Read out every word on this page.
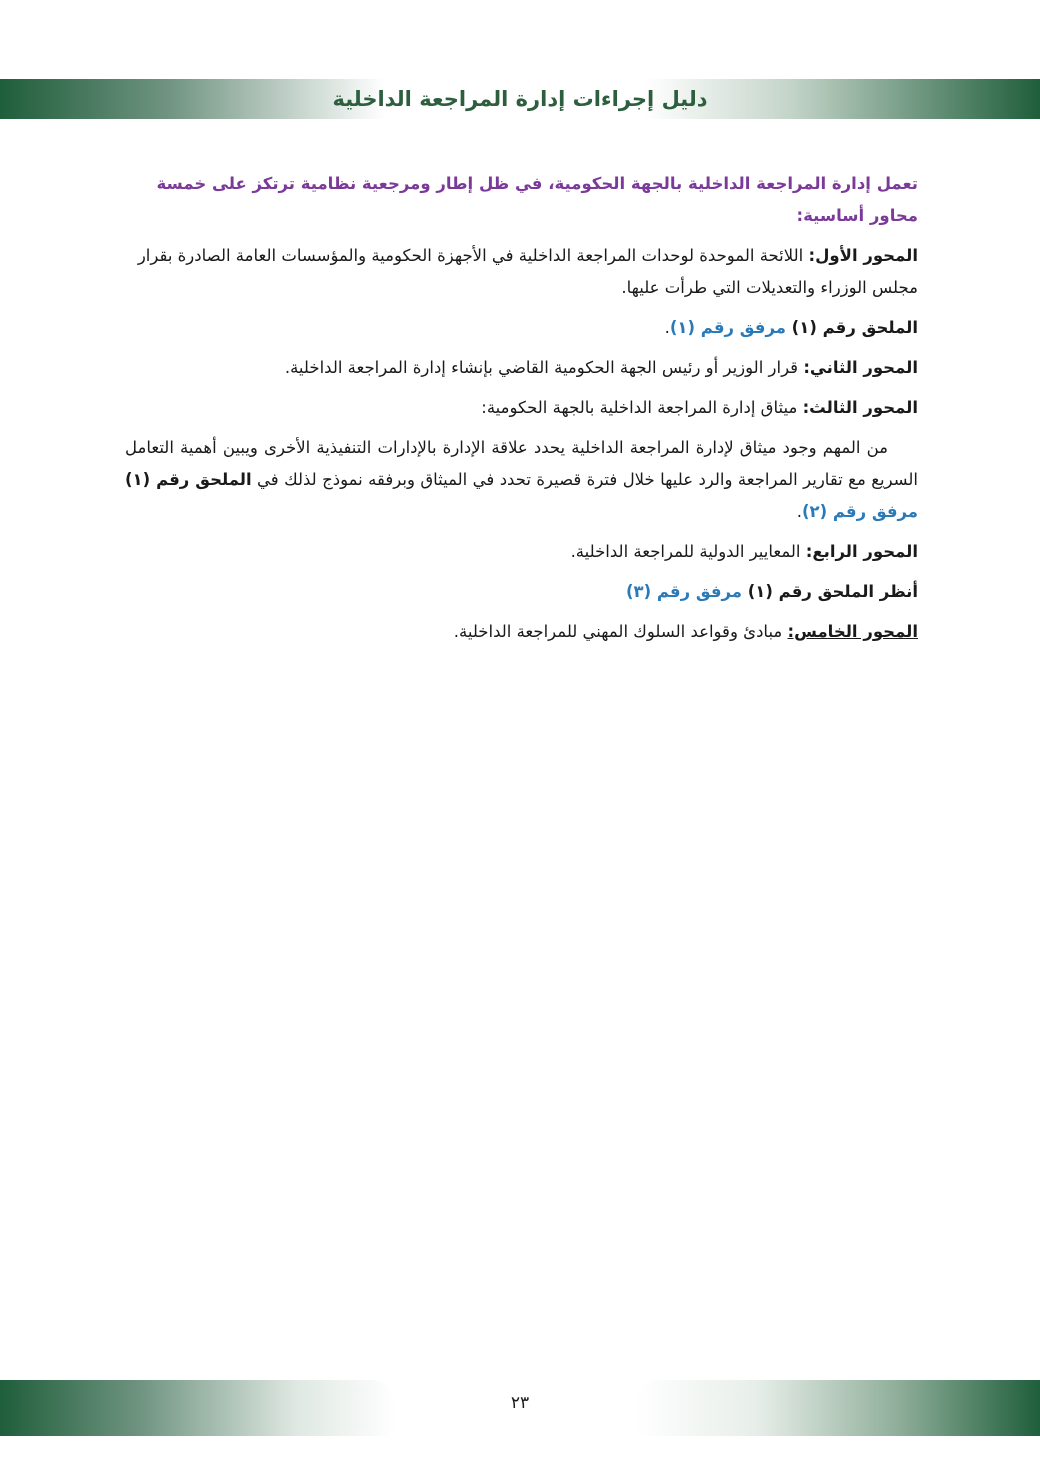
دليل إجراءات إدارة المراجعة الداخلية

تعمل إدارة المراجعة الداخلية بالجهة الحكومية، في ظل إطار ومرجعية نظامية ترتكز على خمسة محاور أساسية:

المحور الأول: اللائحة الموحدة لوحدات المراجعة الداخلية في الأجهزة الحكومية والمؤسسات العامة الصادرة بقرار مجلس الوزراء والتعديلات التي طرأت عليها.

الملحق رقم (١) مرفق رقم (١).

المحور الثاني: قرار الوزير أو رئيس الجهة الحكومية القاضي بإنشاء إدارة المراجعة الداخلية.

المحور الثالث: ميثاق إدارة المراجعة الداخلية بالجهة الحكومية:

من المهم وجود ميثاق لإدارة المراجعة الداخلية يحدد علاقة الإدارة بالإدارات التنفيذية الأخرى ويبين أهمية التعامل السريع مع تقارير المراجعة والرد عليها خلال فترة قصيرة تحدد في الميثاق وبرفقه نموذج لذلك في الملحق رقم (١) مرفق رقم (٢).

المحور الرابع: المعايير الدولية للمراجعة الداخلية.

أنظر الملحق رقم (١) مرفق رقم (٣)

المحور الخامس: مبادئ وقواعد السلوك المهني للمراجعة الداخلية.

٢٣
